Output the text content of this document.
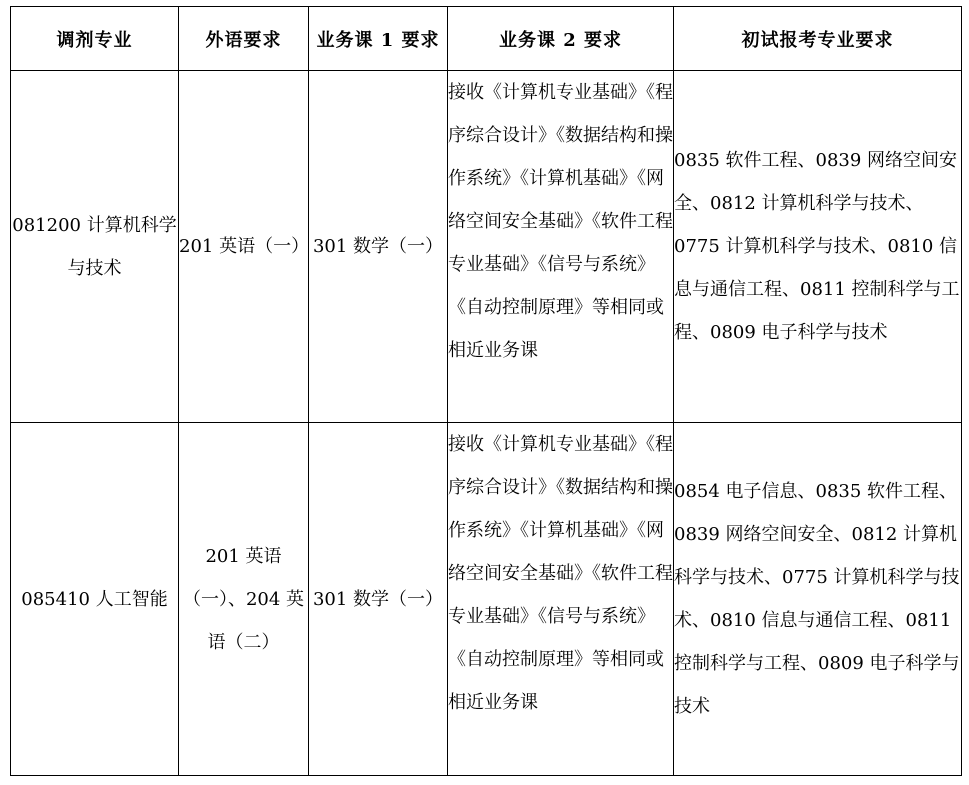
调剂专业	外语要求	业务课 1 要求	业务课 2 要求	初试报考专业要求

081200 计算机科学与技术	201 英语（一）	301 数学（一）	接收《计算机专业基础》《程序综合设计》《数据结构和操作系统》《计算机基础》《网络空间安全基础》《软件工程专业基础》《信号与系统》《自动控制原理》等相同或相近业务课	0835 软件工程、0839 网络空间安全、0812 计算机科学与技术、0775 计算机科学与技术、0810 信息与通信工程、0811 控制科学与工程、0809 电子科学与技术

085410 人工智能	201 英语（一）、204 英语（二）	301 数学（一）	接收《计算机专业基础》《程序综合设计》《数据结构和操作系统》《计算机基础》《网络空间安全基础》《软件工程专业基础》《信号与系统》《自动控制原理》等相同或相近业务课	0854 电子信息、0835 软件工程、0839 网络空间安全、0812 计算机科学与技术、0775 计算机科学与技术、0810 信息与通信工程、0811 控制科学与工程、0809 电子科学与技术
